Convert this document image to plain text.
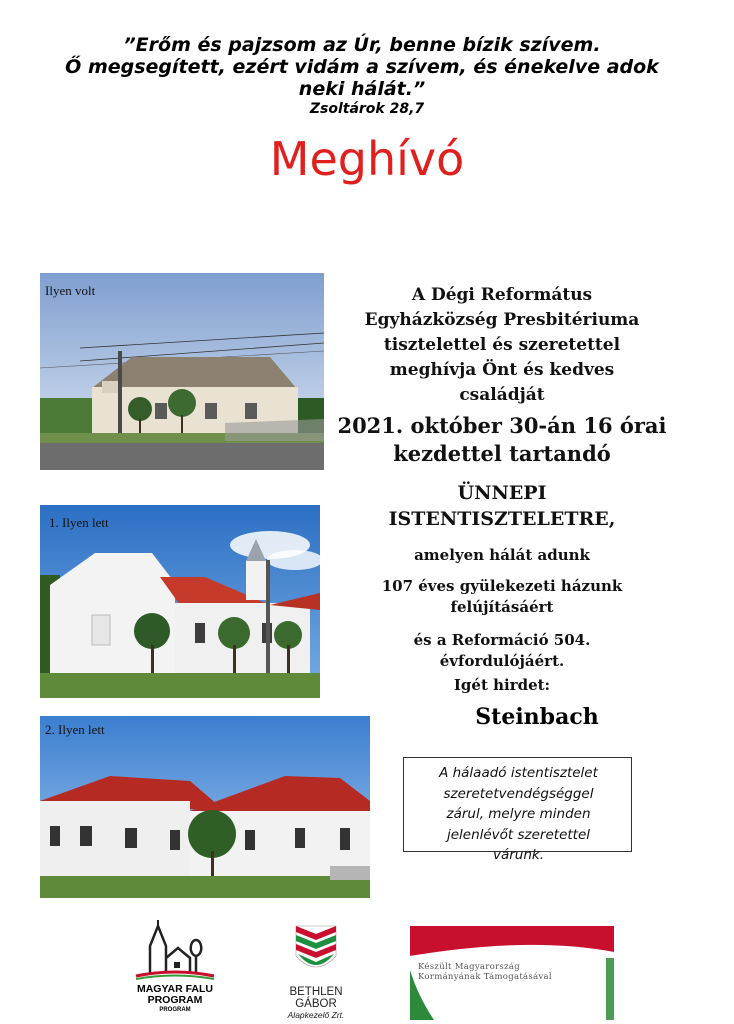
”Erőm és pajzsom az Úr, benne bízik szívem.
Ő megsegített, ezért vidám a szívem, és énekelve adok
neki hálát.”
Zsoltárok 28,7
Meghívó
Ilyen volt
1. Ilyen lett
2. Ilyen lett
A Dégi Református
Egyházközség Presbitériuma
tisztelettel és szeretettel
meghívja Önt és kedves
családját
2021. október 30-án 16 órai
kezdettel tartandó
ÜNNEPI
ISTENTISZTELETRE,
amelyen hálát adunk
107 éves gyülekezeti házunk
felújításáért
és a Reformáció 504.
évfordulójáért.
Igét hirdet:
Steinbach
A hálaadó istentisztelet
szeretetvendégséggel
zárul, melyre minden
jelenlévőt szeretettel
várunk.
MAGYAR FALU
PROGRAM
PROGRAM
BETHLEN GÁBOR
Alapkezelő Zrt.
Készült Magyarország
Kormányának Támogatásával
